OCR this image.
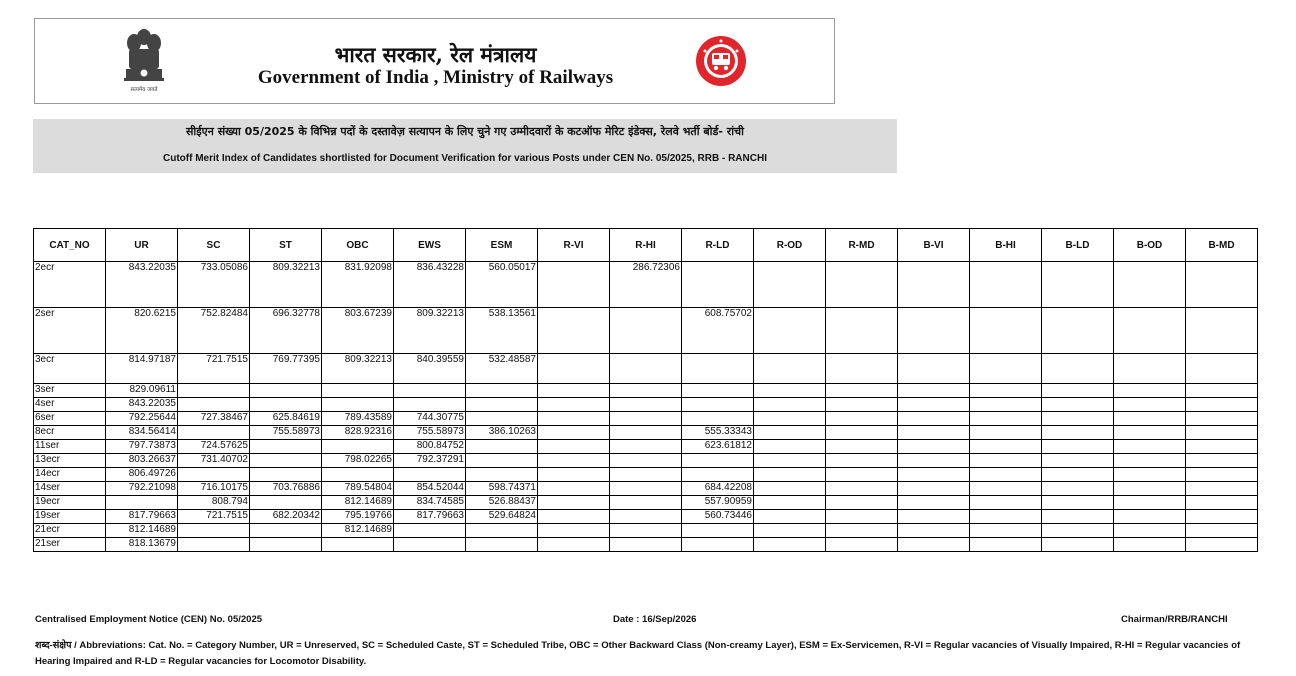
सत्यमेव जयते
भारत सरकार, रेल मंत्रालय
Government of India , Ministry of Railways
सीईएन संख्या 05/2025 के विभिन्न पदों के दस्तावेज़ सत्यापन के लिए चुने गए उम्मीदवारों के कटऑफ मेरिट इंडेक्स, रेलवे भर्ती बोर्ड- रांची
Cutoff Merit Index of Candidates shortlisted for Document Verification for various Posts under CEN No. 05/2025, RRB - RANCHI
CAT_NO	UR	SC	ST	OBC	EWS	ESM	R-VI	R-HI	R-LD	R-OD	R-MD	B-VI	B-HI	B-LD	B-OD	B-MD
2ecr	843.22035	733.05086	809.32213	831.92098	836.43228	560.05017		286.72306								
2ser	820.6215	752.82484	696.32778	803.67239	809.32213	538.13561			608.75702							
3ecr	814.97187	721.7515	769.77395	809.32213	840.39559	532.48587										
3ser	829.09611															
4ser	843.22035															
6ser	792.25644	727.38467	625.84619	789.43589	744.30775											
8ecr	834.56414		755.58973	828.92316	755.58973	386.10263			555.33343							
11ser	797.73873	724.57625			800.84752				623.61812							
13ecr	803.26637	731.40702		798.02265	792.37291											
14ecr	806.49726															
14ser	792.21098	716.10175	703.76886	789.54804	854.52044	598.74371			684.42208							
19ecr		808.794		812.14689	834.74585	526.88437			557.90959							
19ser	817.79663	721.7515	682.20342	795.19766	817.79663	529.64824			560.73446							
21ecr	812.14689			812.14689												
21ser	818.13679															
Centralised Employment Notice (CEN) No. 05/2025	Date : 16/Sep/2026	Chairman/RRB/RANCHI
शब्द-संक्षेप / Abbreviations: Cat. No. = Category Number, UR = Unreserved, SC = Scheduled Caste, ST = Scheduled Tribe, OBC = Other Backward Class (Non-creamy Layer), ESM = Ex-Servicemen, R-VI = Regular vacancies of Visually Impaired, R-HI = Regular vacancies of Hearing Impaired and R-LD = Regular vacancies for Locomotor Disability.
